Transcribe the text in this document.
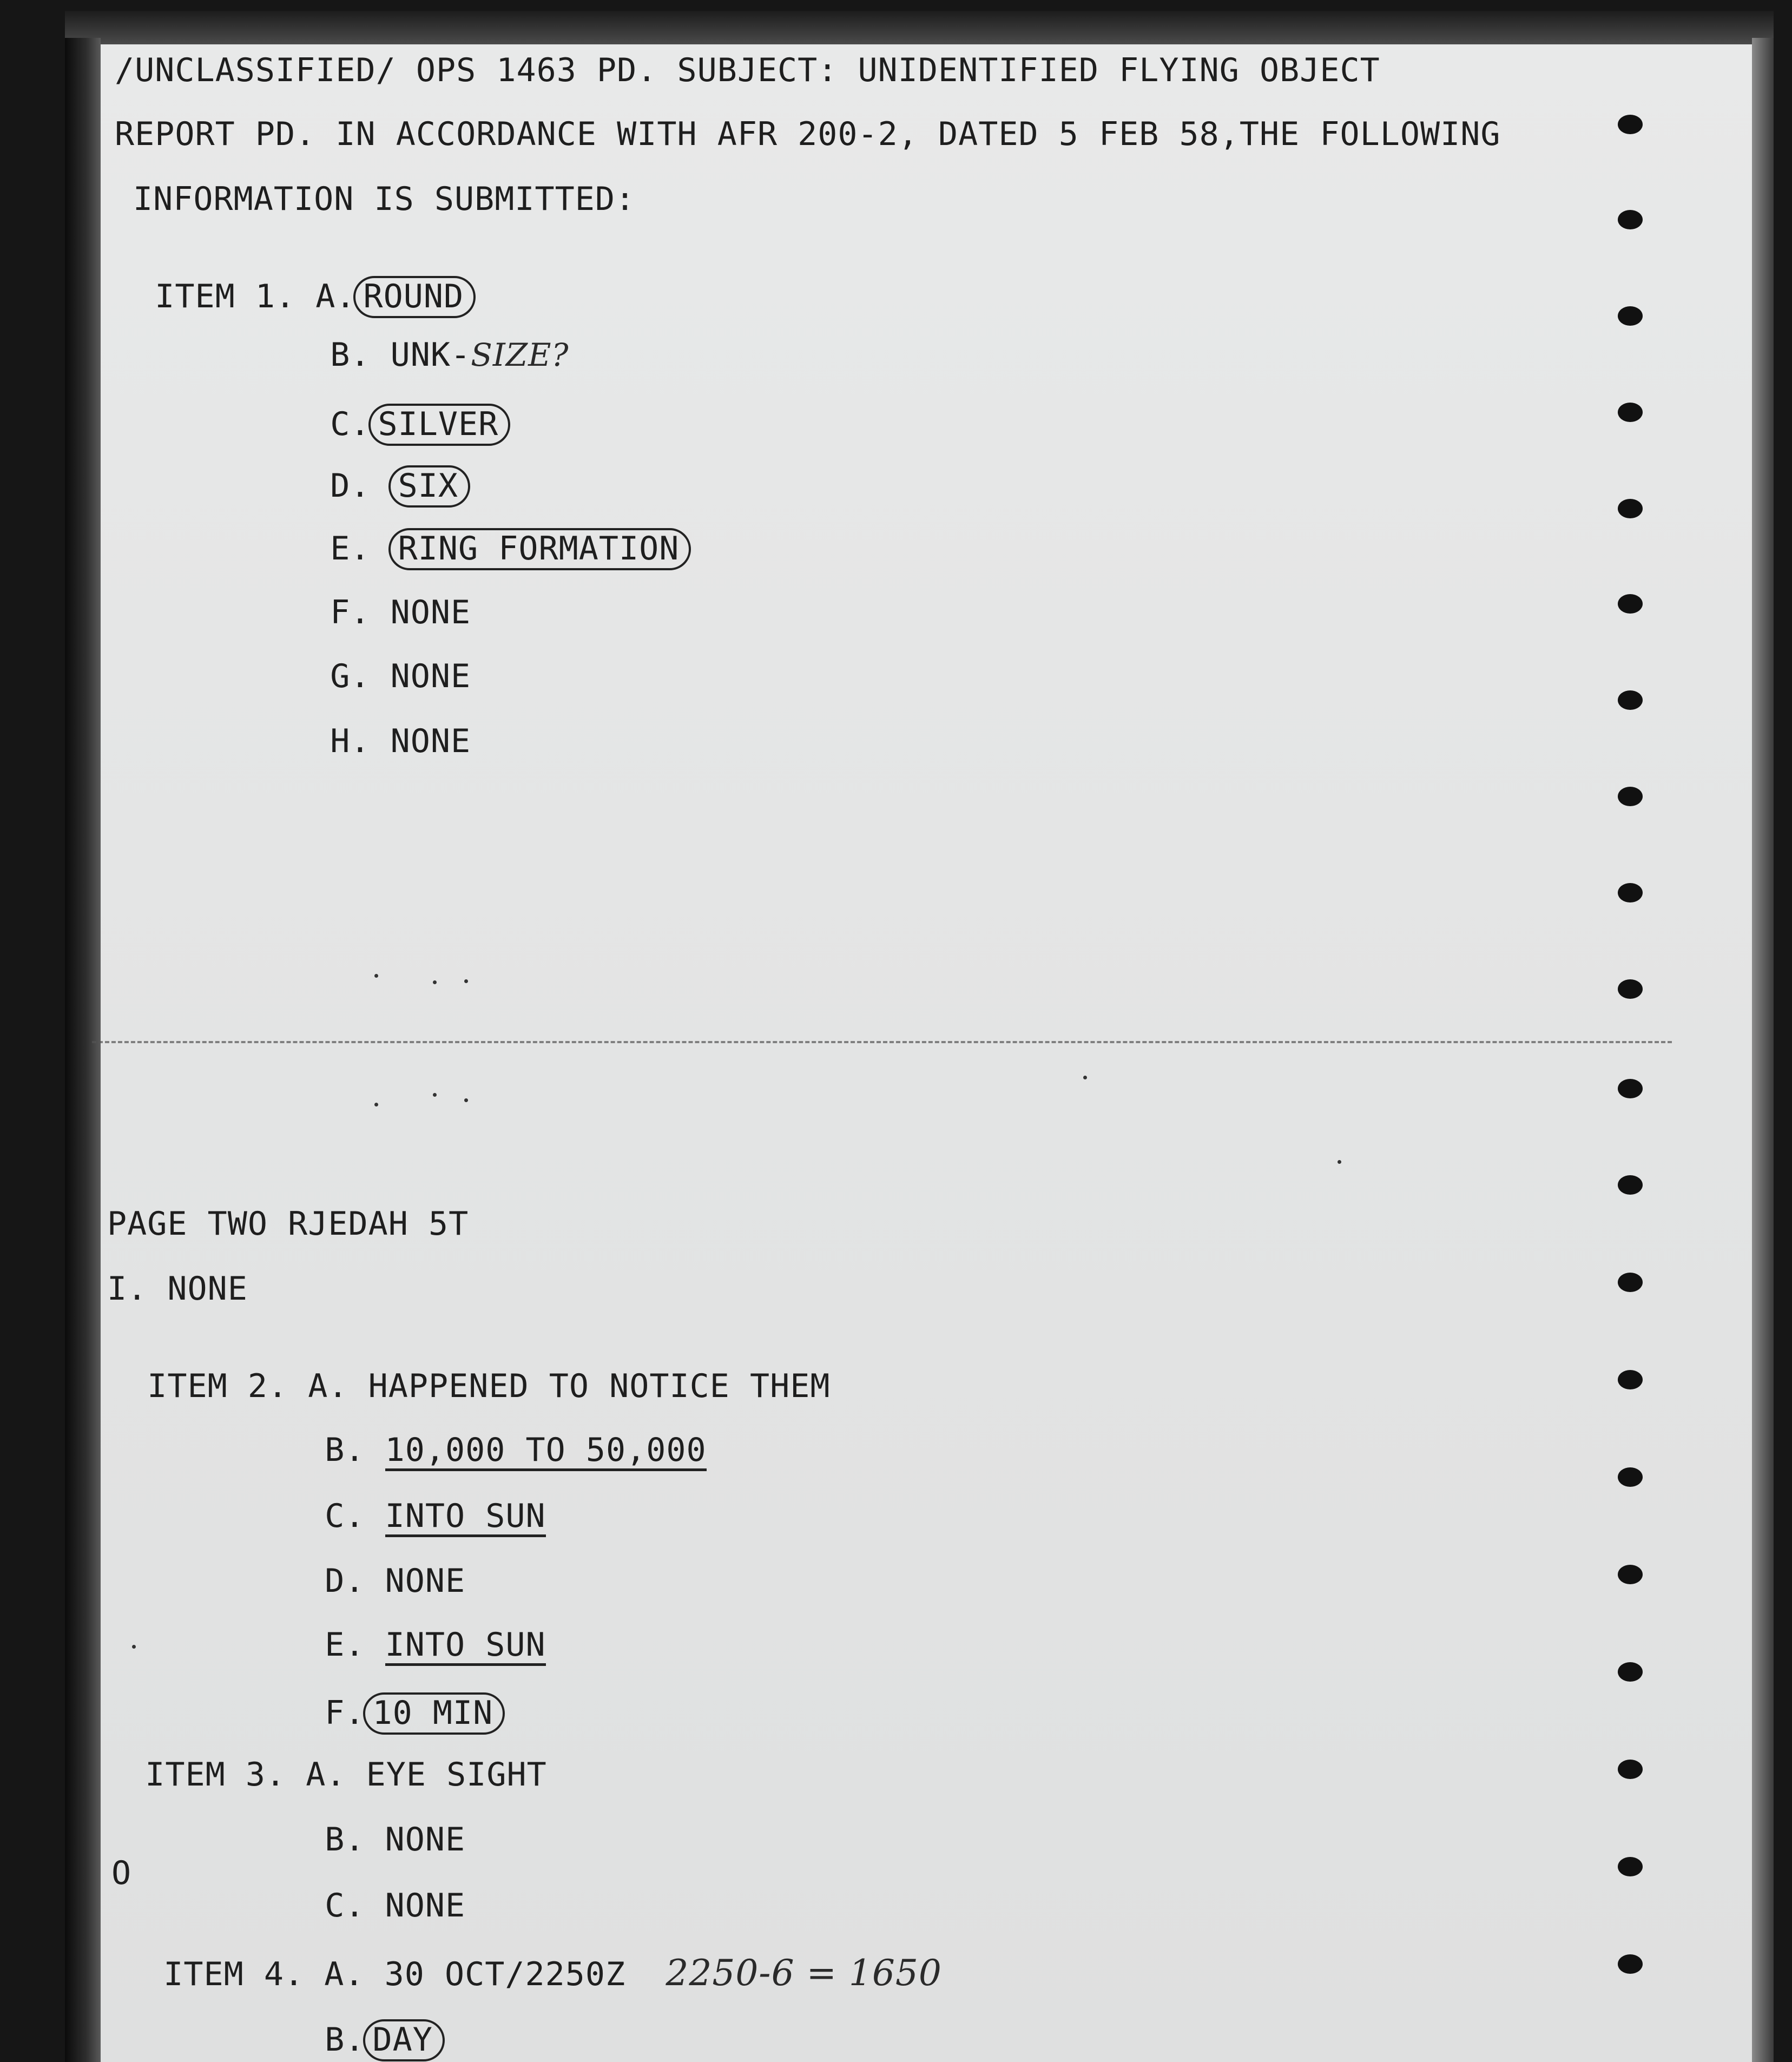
/UNCLASSIFIED/ OPS 1463 PD. SUBJECT: UNIDENTIFIED FLYING OBJECT
REPORT PD. IN ACCORDANCE WITH AFR 200-2, DATED 5 FEB 58,THE FOLLOWING
INFORMATION IS SUBMITTED:

ITEM 1. A. ROUND

B. UNK-SIZE?

C. SILVER

D. SIX

E. RING FORMATION

F. NONE

G. NONE

H. NONE

PAGE TWO RJEDAH 5T
I. NONE

ITEM 2. A. HAPPENED TO NOTICE THEM

B. 10,000 TO 50,000

C. INTO SUN

D. NONE

E. INTO SUN

F. 10 MIN

ITEM 3. A. EYE SIGHT

B. NONE

O

C. NONE

ITEM 4. A. 30 OCT/2250Z 2250-6 = 1650

B. DAY
